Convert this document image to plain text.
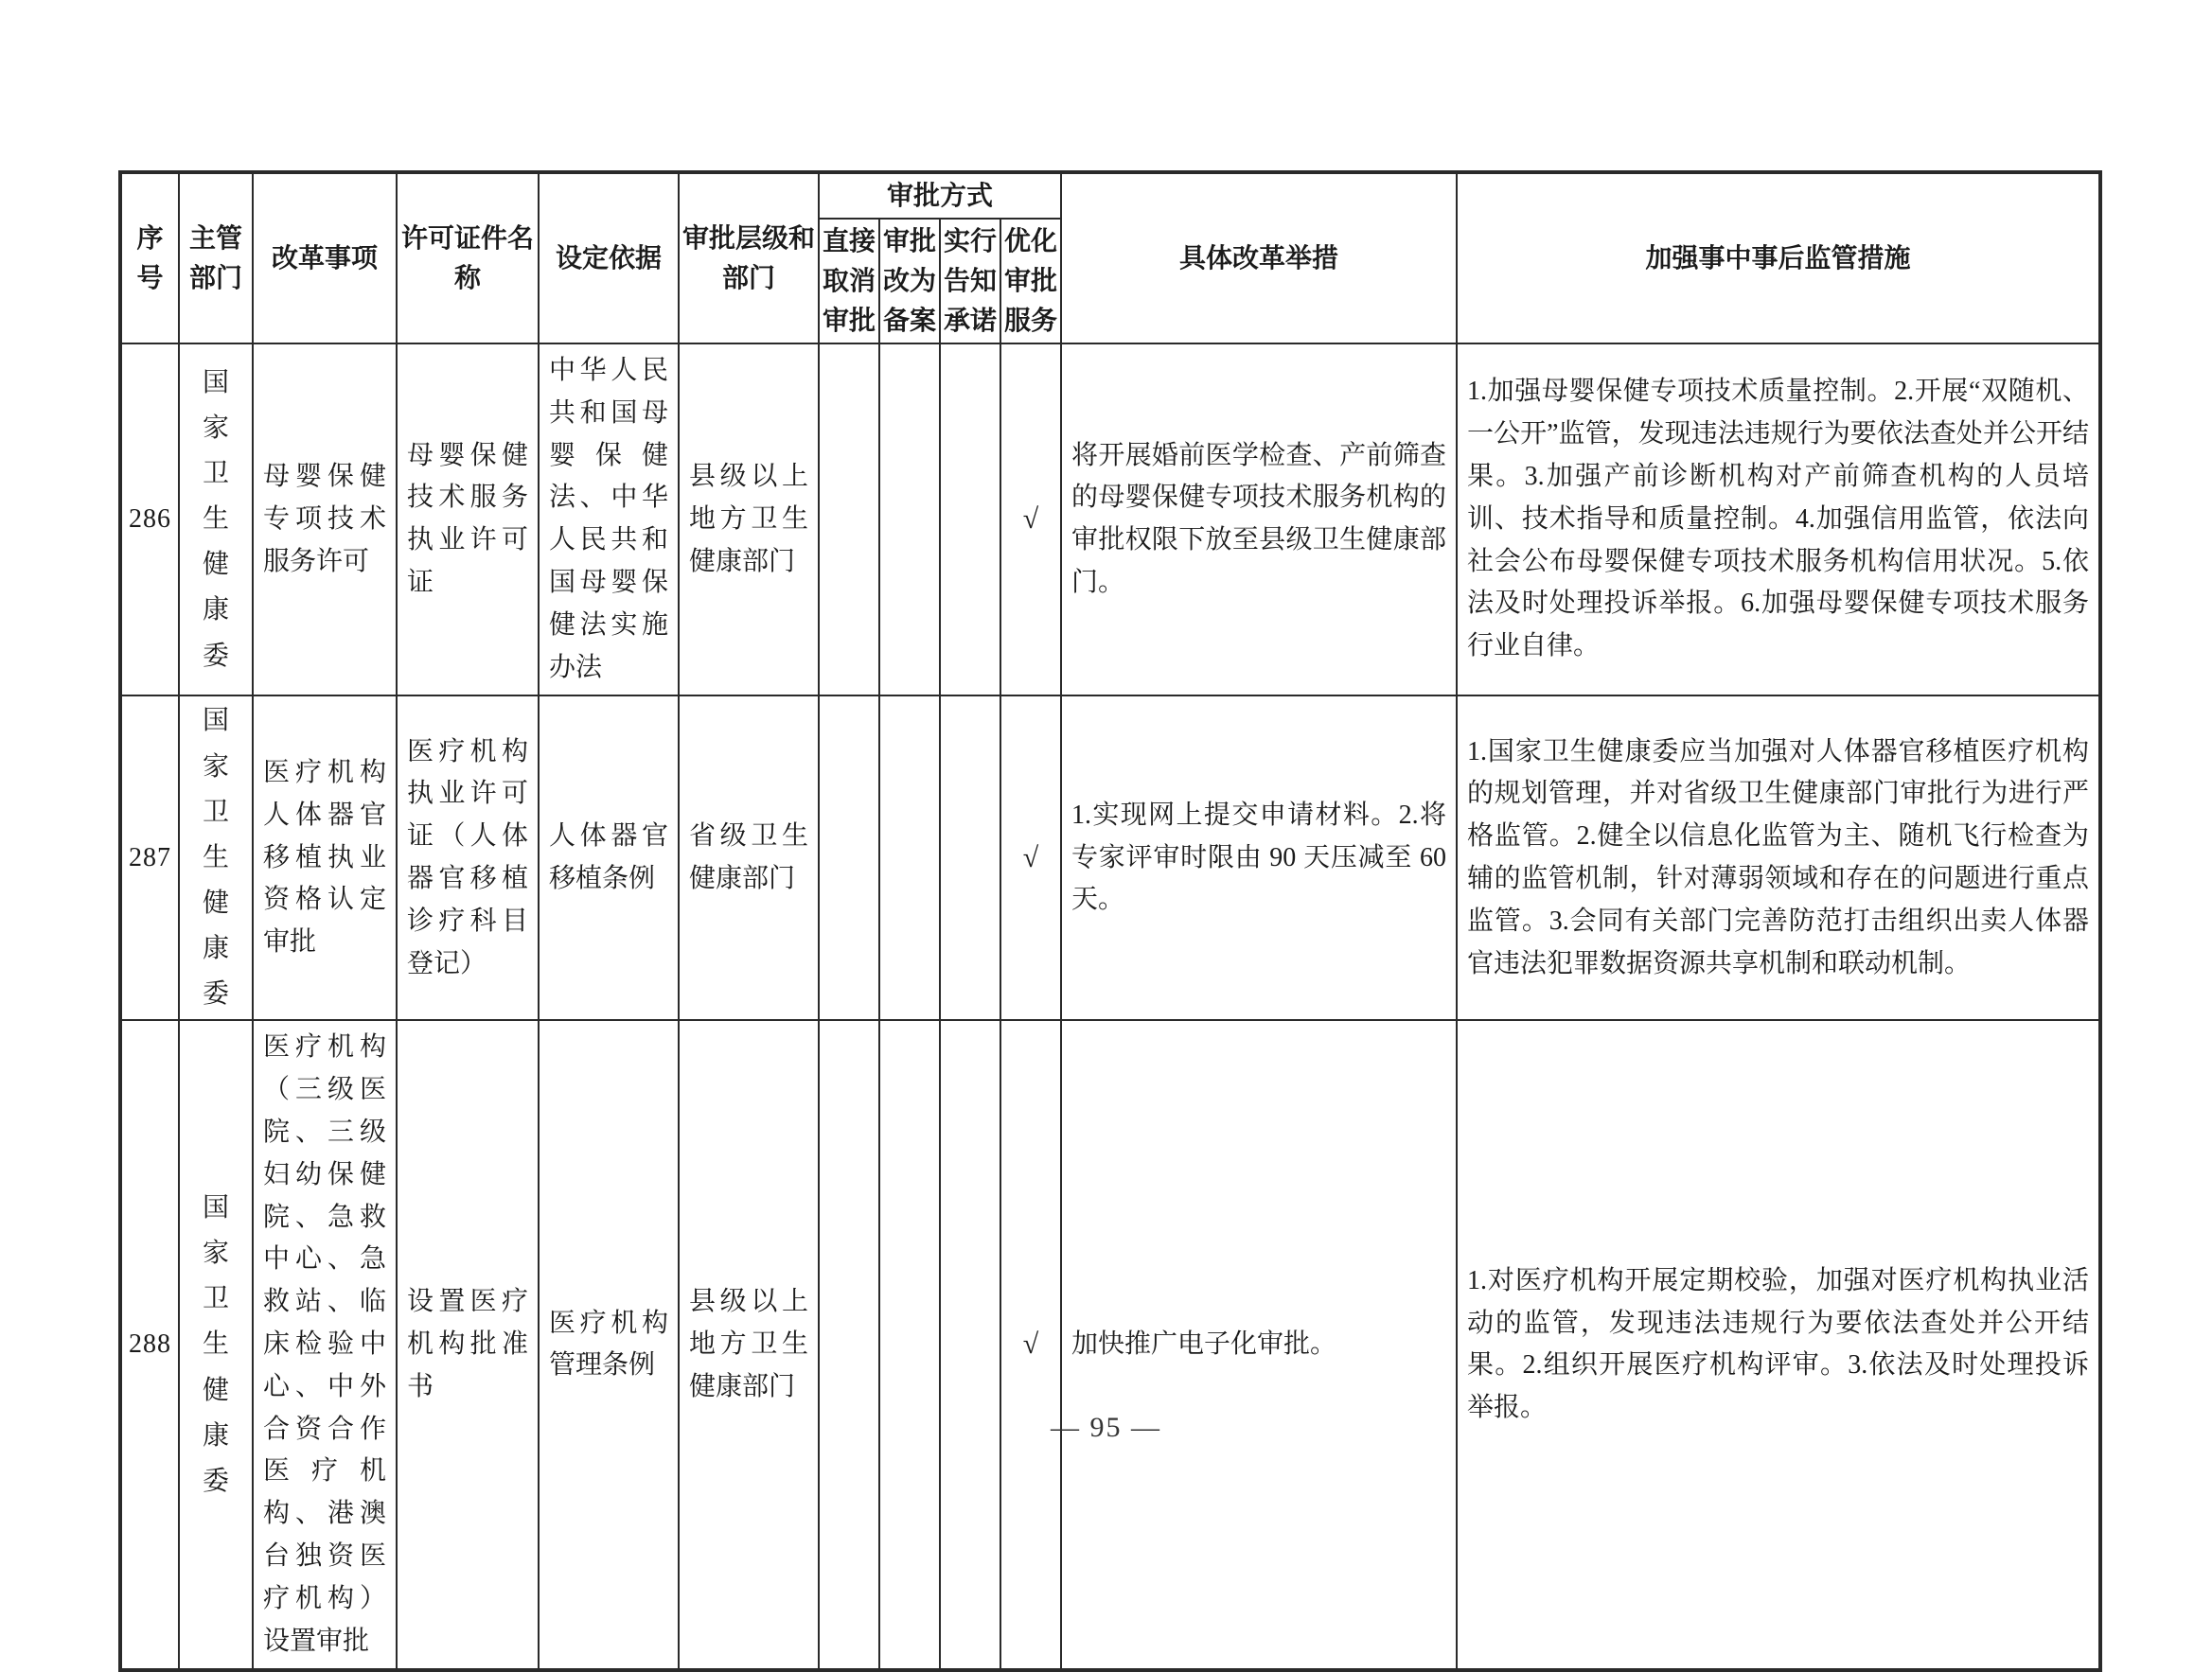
序号	主管部门	改革事项	许可证件名称	设定依据	审批层级和部门	审批方式				具体改革举措	加强事中事后监管措施
						直接取消审批	审批改为备案	实行告知承诺	优化审批服务		
286	国家卫生健康委	母婴保健专项技术服务许可	母婴保健技术服务执业许可证	中华人民共和国母婴保健法、中华人民共和国母婴保健法实施办法	县级以上地方卫生健康部门				√	将开展婚前医学检查、产前筛查的母婴保健专项技术服务机构的审批权限下放至县级卫生健康部门。	1.加强母婴保健专项技术质量控制。2.开展“双随机、一公开”监管，发现违法违规行为要依法查处并公开结果。3.加强产前诊断机构对产前筛查机构的人员培训、技术指导和质量控制。4.加强信用监管，依法向社会公布母婴保健专项技术服务机构信用状况。5.依法及时处理投诉举报。6.加强母婴保健专项技术服务行业自律。
287	国家卫生健康委	医疗机构人体器官移植执业资格认定审批	医疗机构执业许可证（人体器官移植诊疗科目登记）	人体器官移植条例	省级卫生健康部门				√	1.实现网上提交申请材料。2.将专家评审时限由 90 天压减至 60 天。	1.国家卫生健康委应当加强对人体器官移植医疗机构的规划管理，并对省级卫生健康部门审批行为进行严格监管。2.健全以信息化监管为主、随机飞行检查为辅的监管机制，针对薄弱领域和存在的问题进行重点监管。3.会同有关部门完善防范打击组织出卖人体器官违法犯罪数据资源共享机制和联动机制。
288	国家卫生健康委	医疗机构（三级医院、三级妇幼保健院、急救中心、急救站、临床检验中心、中外合资合作医疗机构、港澳台独资医疗机构）设置审批	设置医疗机构批准书	医疗机构管理条例	县级以上地方卫生健康部门				√	加快推广电子化审批。	1.对医疗机构开展定期校验，加强对医疗机构执业活动的监管，发现违法违规行为要依法查处并公开结果。2.组织开展医疗机构评审。3.依法及时处理投诉举报。
— 95 —
